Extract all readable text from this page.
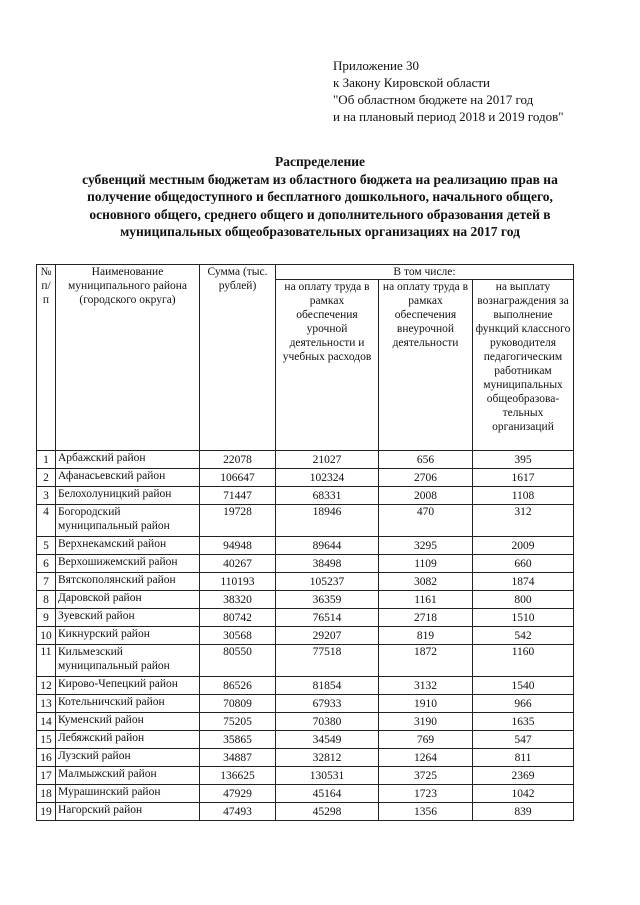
Приложение 30
к Закону Кировской области
"Об областном бюджете на 2017 год
и на плановый период 2018 и 2019 годов"
Распределение
субвенций местным бюджетам из областного бюджета на реализацию прав на
получение общедоступного и бесплатного дошкольного, начального общего,
основного общего, среднего общего и дополнительного образования детей в
муниципальных общеобразовательных организациях на 2017 год
№ п/п	Наименование муниципального района (городского округа)	Сумма (тыс. рублей)	В том числе:		
			на оплату труда в рамках обеспечения урочной деятельности и учебных расходов	на оплату труда в рамках обеспечения внеурочной деятельности	на выплату вознаграждения за выполнение функций классного руководителя педагогическим работникам муниципальных общеобразова-тельных организаций
1	Арбажский район	22078	21027	656	395
2	Афанасьевский район	106647	102324	2706	1617
3	Белохолуницкий район	71447	68331	2008	1108
4	Богородский муниципальный район	19728	18946	470	312
5	Верхнекамский район	94948	89644	3295	2009
6	Верхошижемский район	40267	38498	1109	660
7	Вятскополянский район	110193	105237	3082	1874
8	Даровской район	38320	36359	1161	800
9	Зуевский район	80742	76514	2718	1510
10	Кикнурский район	30568	29207	819	542
11	Кильмезский муниципальный район	80550	77518	1872	1160
12	Кирово-Чепецкий район	86526	81854	3132	1540
13	Котельничский район	70809	67933	1910	966
14	Куменский район	75205	70380	3190	1635
15	Лебяжский район	35865	34549	769	547
16	Лузский район	34887	32812	1264	811
17	Малмыжский район	136625	130531	3725	2369
18	Мурашинский район	47929	45164	1723	1042
19	Нагорский район	47493	45298	1356	839
